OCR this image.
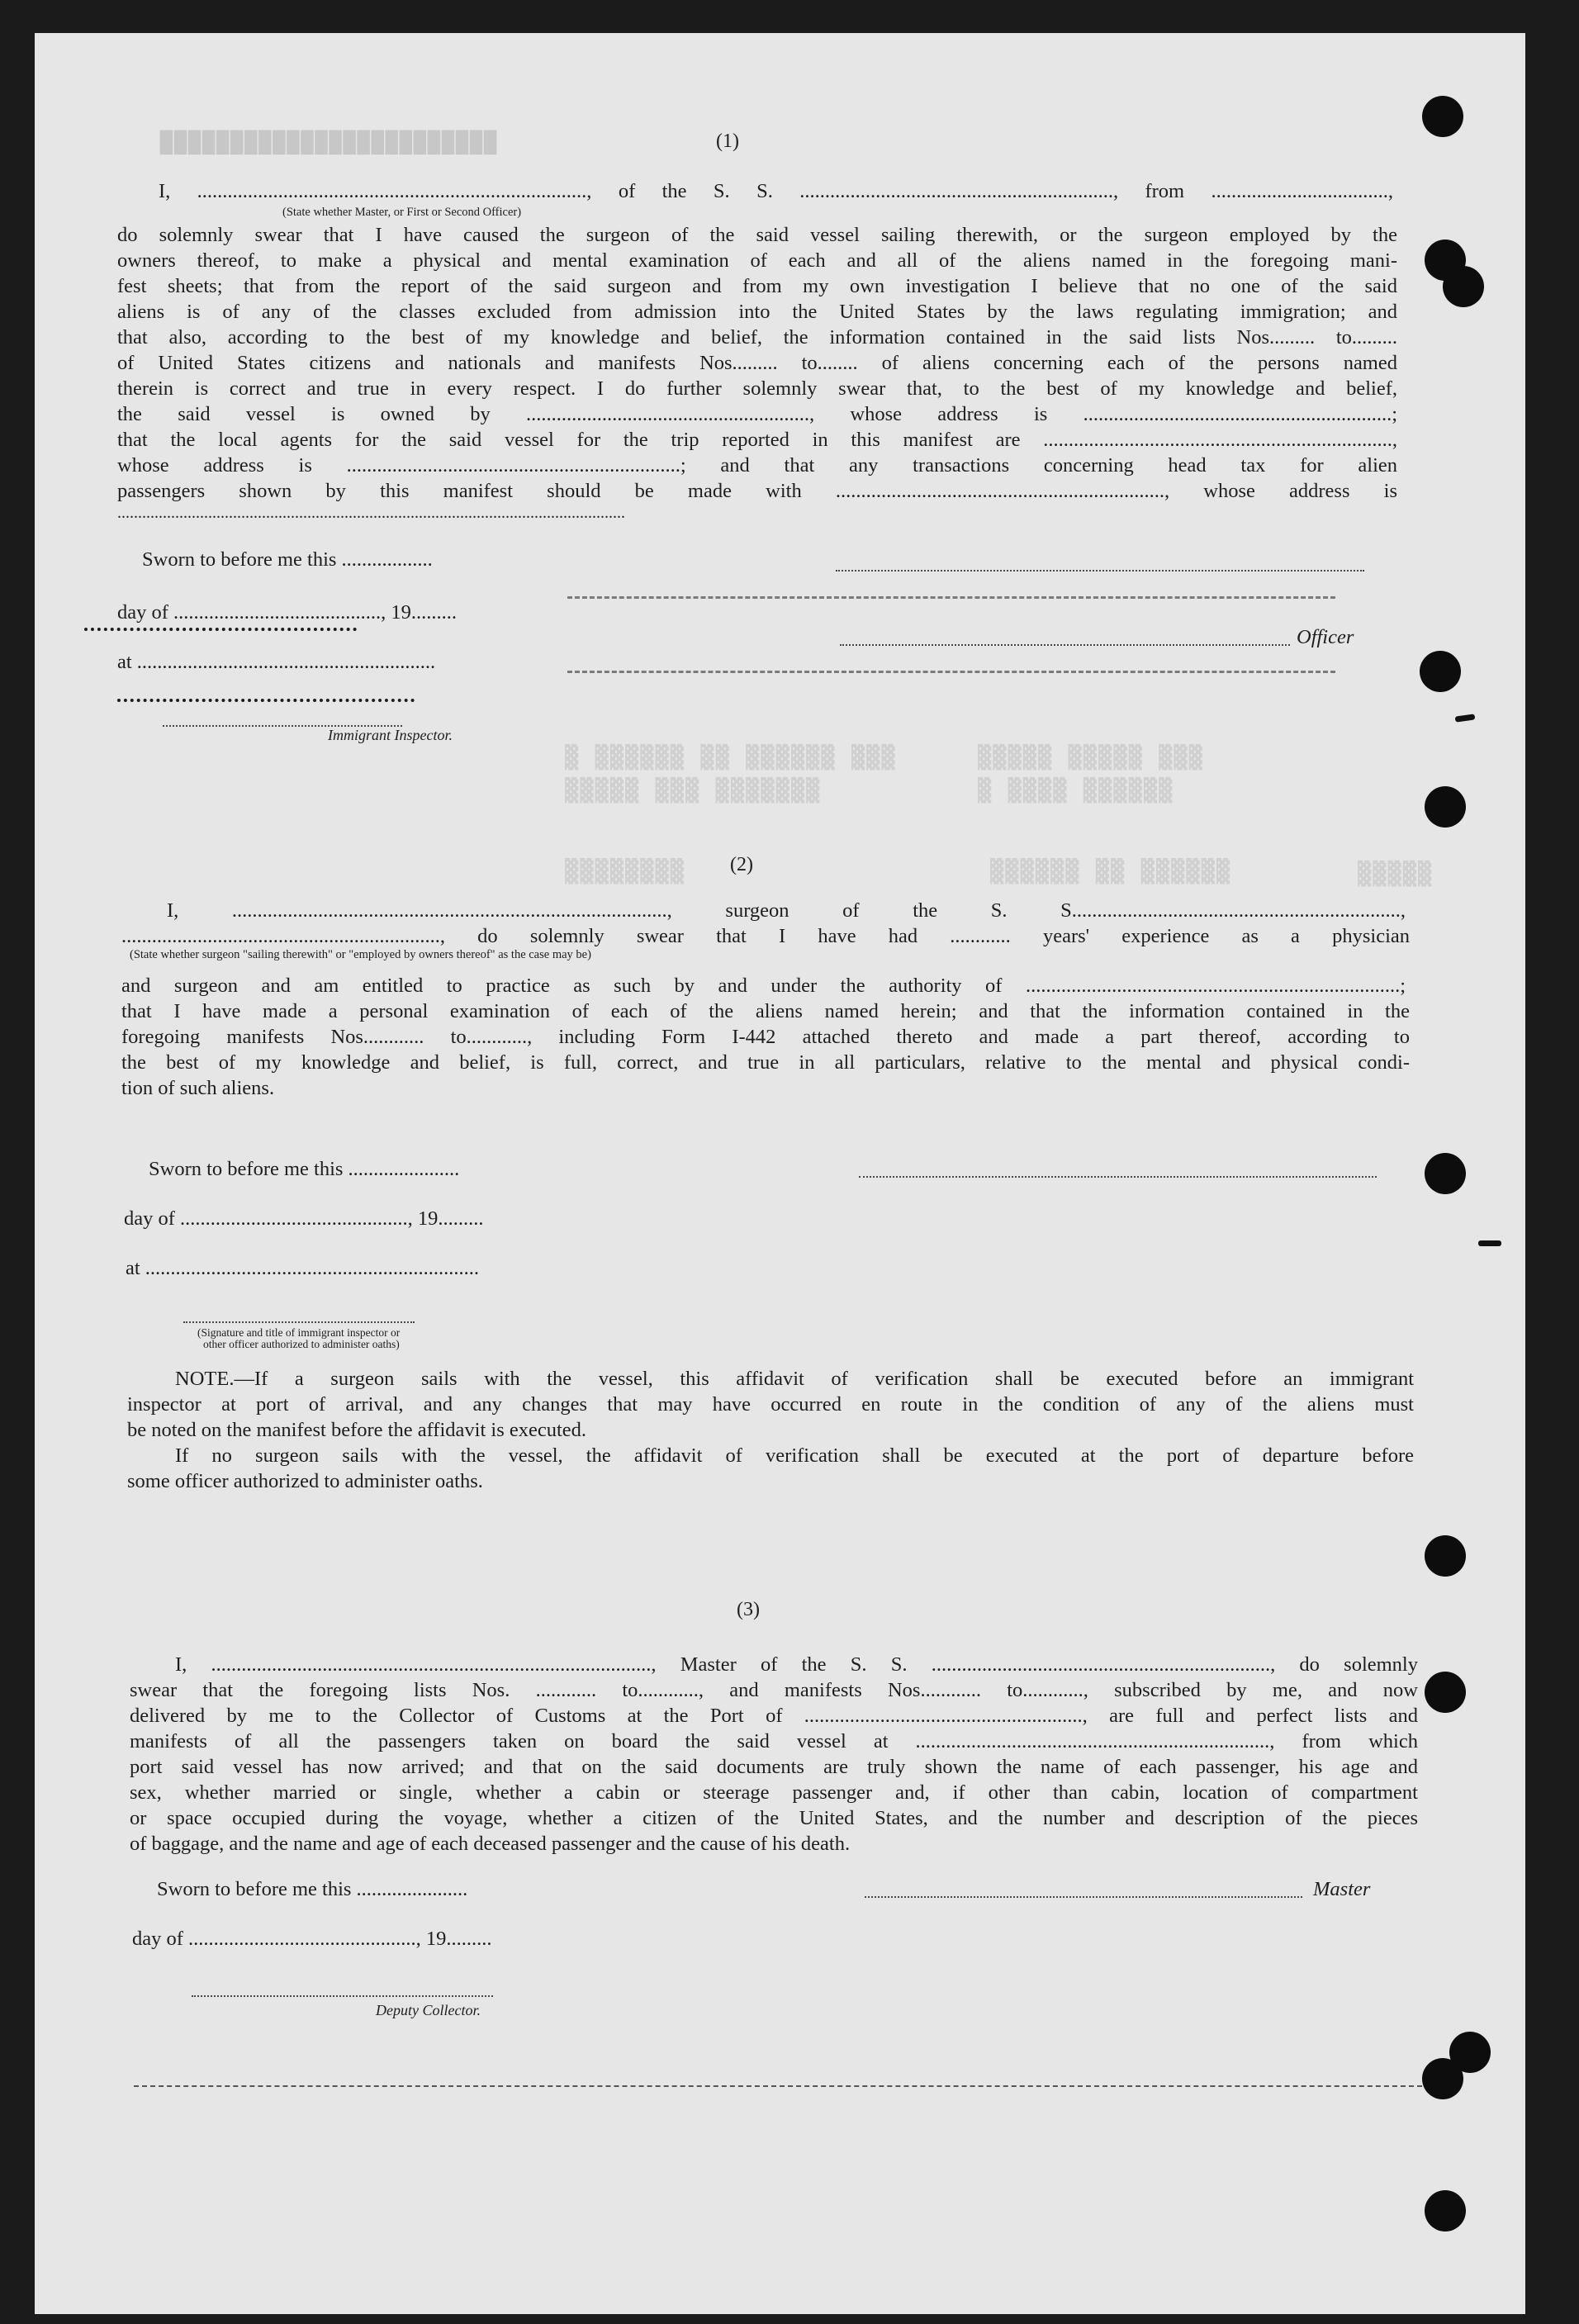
████████████████████████
▓▓▓ ▓▓▓▓▓▓ ▓▓ ▓▓▓▓▓▓ ▓	▓▓▓ ▓▓▓▓▓ ▓▓▓▓▓
▓▓▓▓▓▓▓ ▓▓▓ ▓▓▓▓▓	▓▓▓▓▓▓ ▓▓▓▓ ▓
▓▓▓▓▓▓▓▓	▓▓▓▓▓▓ ▓▓ ▓▓▓▓▓▓	▓▓▓▓▓
(1)
I, ............................................................................., of the S. S. .............................................................., from ...................................,
(State whether Master, or First or Second Officer)
do solemnly swear that I have caused the surgeon of the said vessel sailing therewith, or the surgeon employed by the
owners thereof, to make a physical and mental examination of each and all of the aliens named in the foregoing mani-
fest sheets; that from the report of the said surgeon and from my own investigation I believe that no one of the said
aliens is of any of the classes excluded from admission into the United States by the laws regulating immigration; and
that also, according to the best of my knowledge and belief, the information contained in the said lists Nos......... to.........
of United States citizens and nationals and manifests Nos......... to........ of aliens concerning each of the persons named
therein is correct and true in every respect. I do further solemnly swear that, to the best of my knowledge and belief,
the said vessel is owned by ........................................................, whose address is .............................................................;
that the local agents for the said vessel for the trip reported in this manifest are .....................................................................,
whose address is ..................................................................; and that any transactions concerning head tax for alien
passengers shown by this manifest should be made with ................................................................., whose address is
...........................................................................................................................
Sworn to before me this ..................
day of ........................................., 19.........
Officer
at ...........................................................
Immigrant Inspector.
(2)
I, ......................................................................................, surgeon of the S. S.................................................................,
..............................................................., do solemnly swear that I have had ............ years' experience as a physician
(State whether surgeon "sailing therewith" or "employed by owners thereof" as the case may be)
and surgeon and am entitled to practice as such by and under the authority of ..........................................................................;
that I have made a personal examination of each of the aliens named herein; and that the information contained in the
foregoing manifests Nos............ to............, including Form I-442 attached thereto and made a part thereof, according to
the best of my knowledge and belief, is full, correct, and true in all particulars, relative to the mental and physical condi-
tion of such aliens.
Sworn to before me this ......................
day of ............................................., 19.........
at ..................................................................
(Signature and title of immigrant inspector or
other officer authorized to administer oaths)
NOTE.—If a surgeon sails with the vessel, this affidavit of verification shall be executed before an immigrant
inspector at port of arrival, and any changes that may have occurred en route in the condition of any of the aliens must
be noted on the manifest before the affidavit is executed.
If no surgeon sails with the vessel, the affidavit of verification shall be executed at the port of departure before
some officer authorized to administer oaths.
(3)
I, ......................................................................................., Master of the S. S. ..................................................................., do solemnly
swear that the foregoing lists Nos. ............ to............, and manifests Nos............ to............, subscribed by me, and now
delivered by me to the Collector of Customs at the Port of ......................................................., are full and perfect lists and
manifests of all the passengers taken on board the said vessel at ......................................................................, from which
port said vessel has now arrived; and that on the said documents are truly shown the name of each passenger, his age and
sex, whether married or single, whether a cabin or steerage passenger and, if other than cabin, location of compartment
or space occupied during the voyage, whether a citizen of the United States, and the number and description of the pieces
of baggage, and the name and age of each deceased passenger and the cause of his death.
Sworn to before me this ......................	Master
day of ............................................., 19.........
Deputy Collector.
